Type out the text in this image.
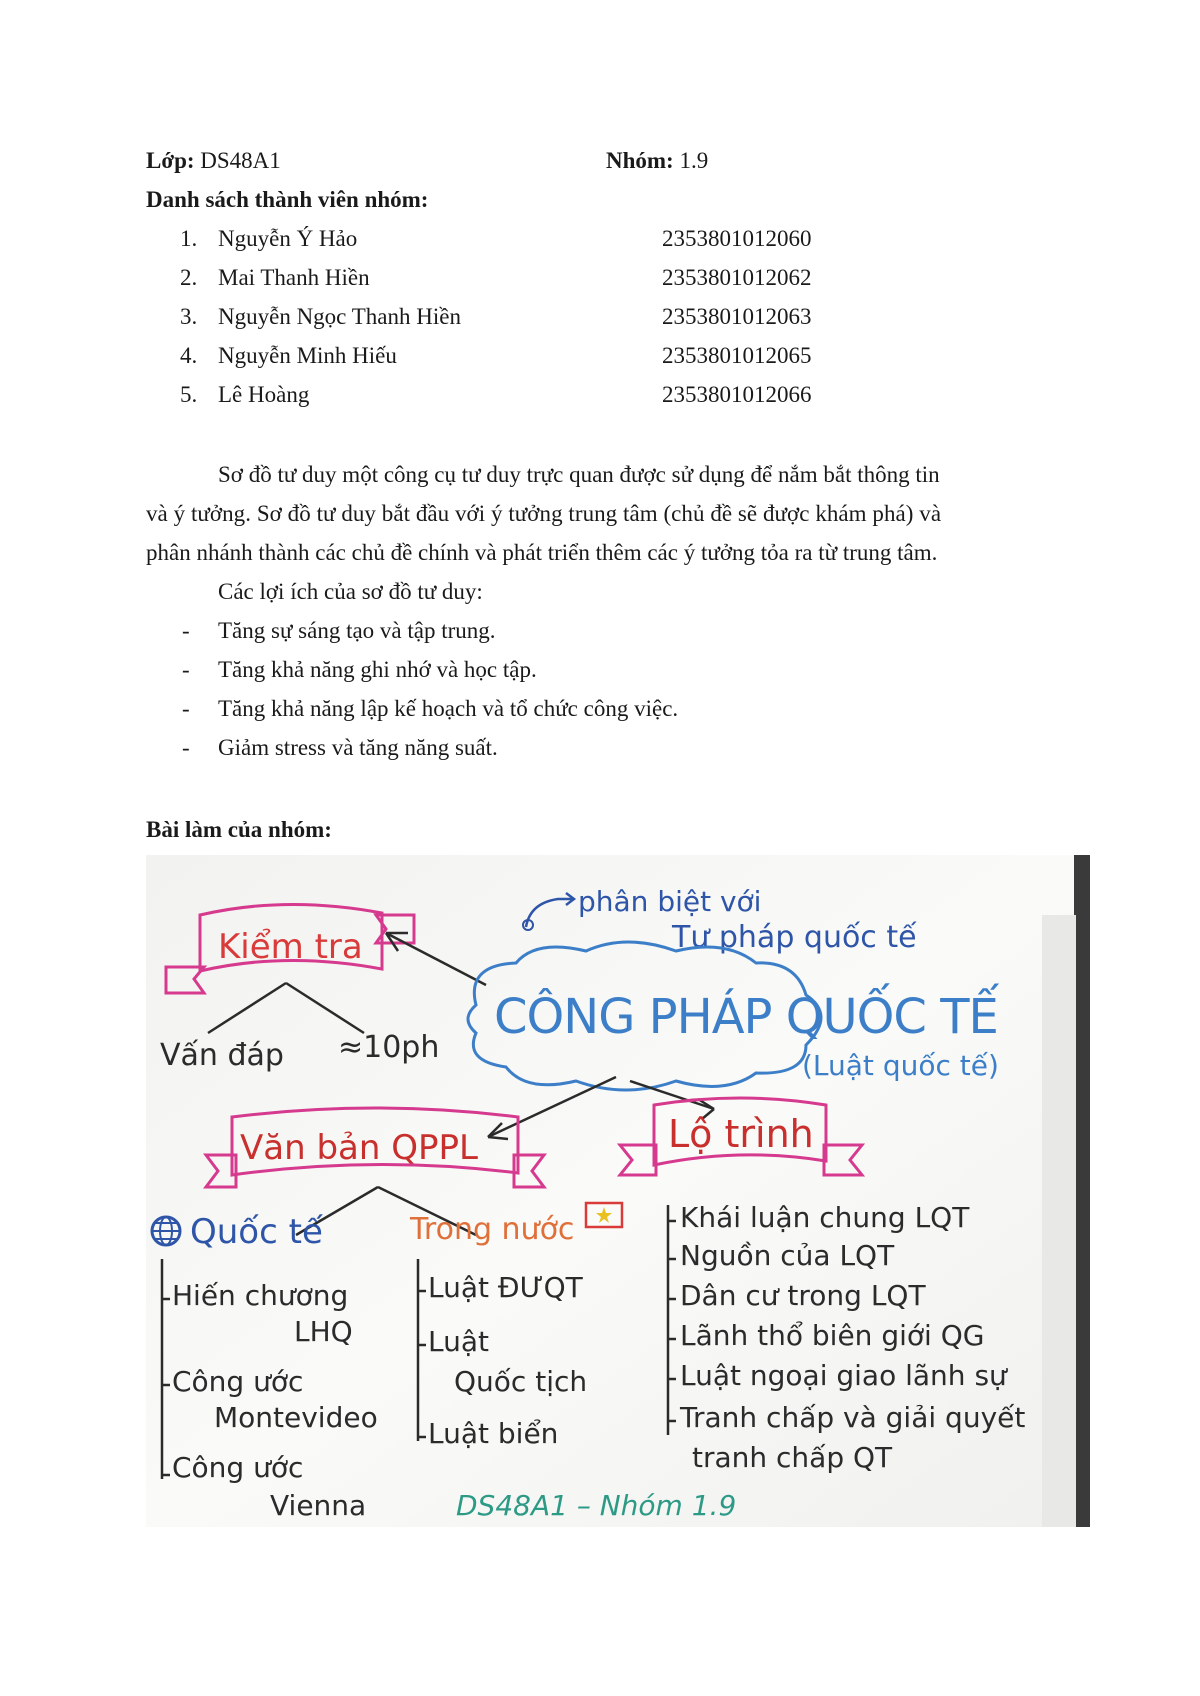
Lớp: DS48A1	Nhóm: 1.9
Danh sách thành viên nhóm:
1. Nguyễn Ý Hảo	2353801012060
2. Mai Thanh Hiền	2353801012062
3. Nguyễn Ngọc Thanh Hiền	2353801012063
4. Nguyễn Minh Hiếu	2353801012065
5. Lê Hoàng	2353801012066
Sơ đồ tư duy một công cụ tư duy trực quan được sử dụng để nắm bắt thông tin
và ý tưởng. Sơ đồ tư duy bắt đầu với ý tưởng trung tâm (chủ đề sẽ được khám phá) và
phân nhánh thành các chủ đề chính và phát triển thêm các ý tưởng tỏa ra từ trung tâm.
Các lợi ích của sơ đồ tư duy:
- Tăng sự sáng tạo và tập trung.
- Tăng khả năng ghi nhớ và học tập.
- Tăng khả năng lập kế hoạch và tổ chức công việc.
- Giảm stress và tăng năng suất.
Bài làm của nhóm:
Kiểm tra
Vấn đáp ≈10ph
phân biệt với
Tư pháp quốc tế
CÔNG PHÁP QUỐC TẾ
(Luật quốc tế)
Văn bản QPPL	Lộ trình
Quốc tế
Hiến chương
LHQ
Công ước
Montevideo
Công ước
Vienna
Trong nước
Luật ĐƯQT
Luật
Quốc tịch
Luật biển
Khái luận chung LQT
Nguồn của LQT
Dân cư trong LQT
Lãnh thổ biên giới QG
Luật ngoại giao lãnh sự
Tranh chấp và giải quyết
tranh chấp QT
DS48A1 – Nhóm 1.9
